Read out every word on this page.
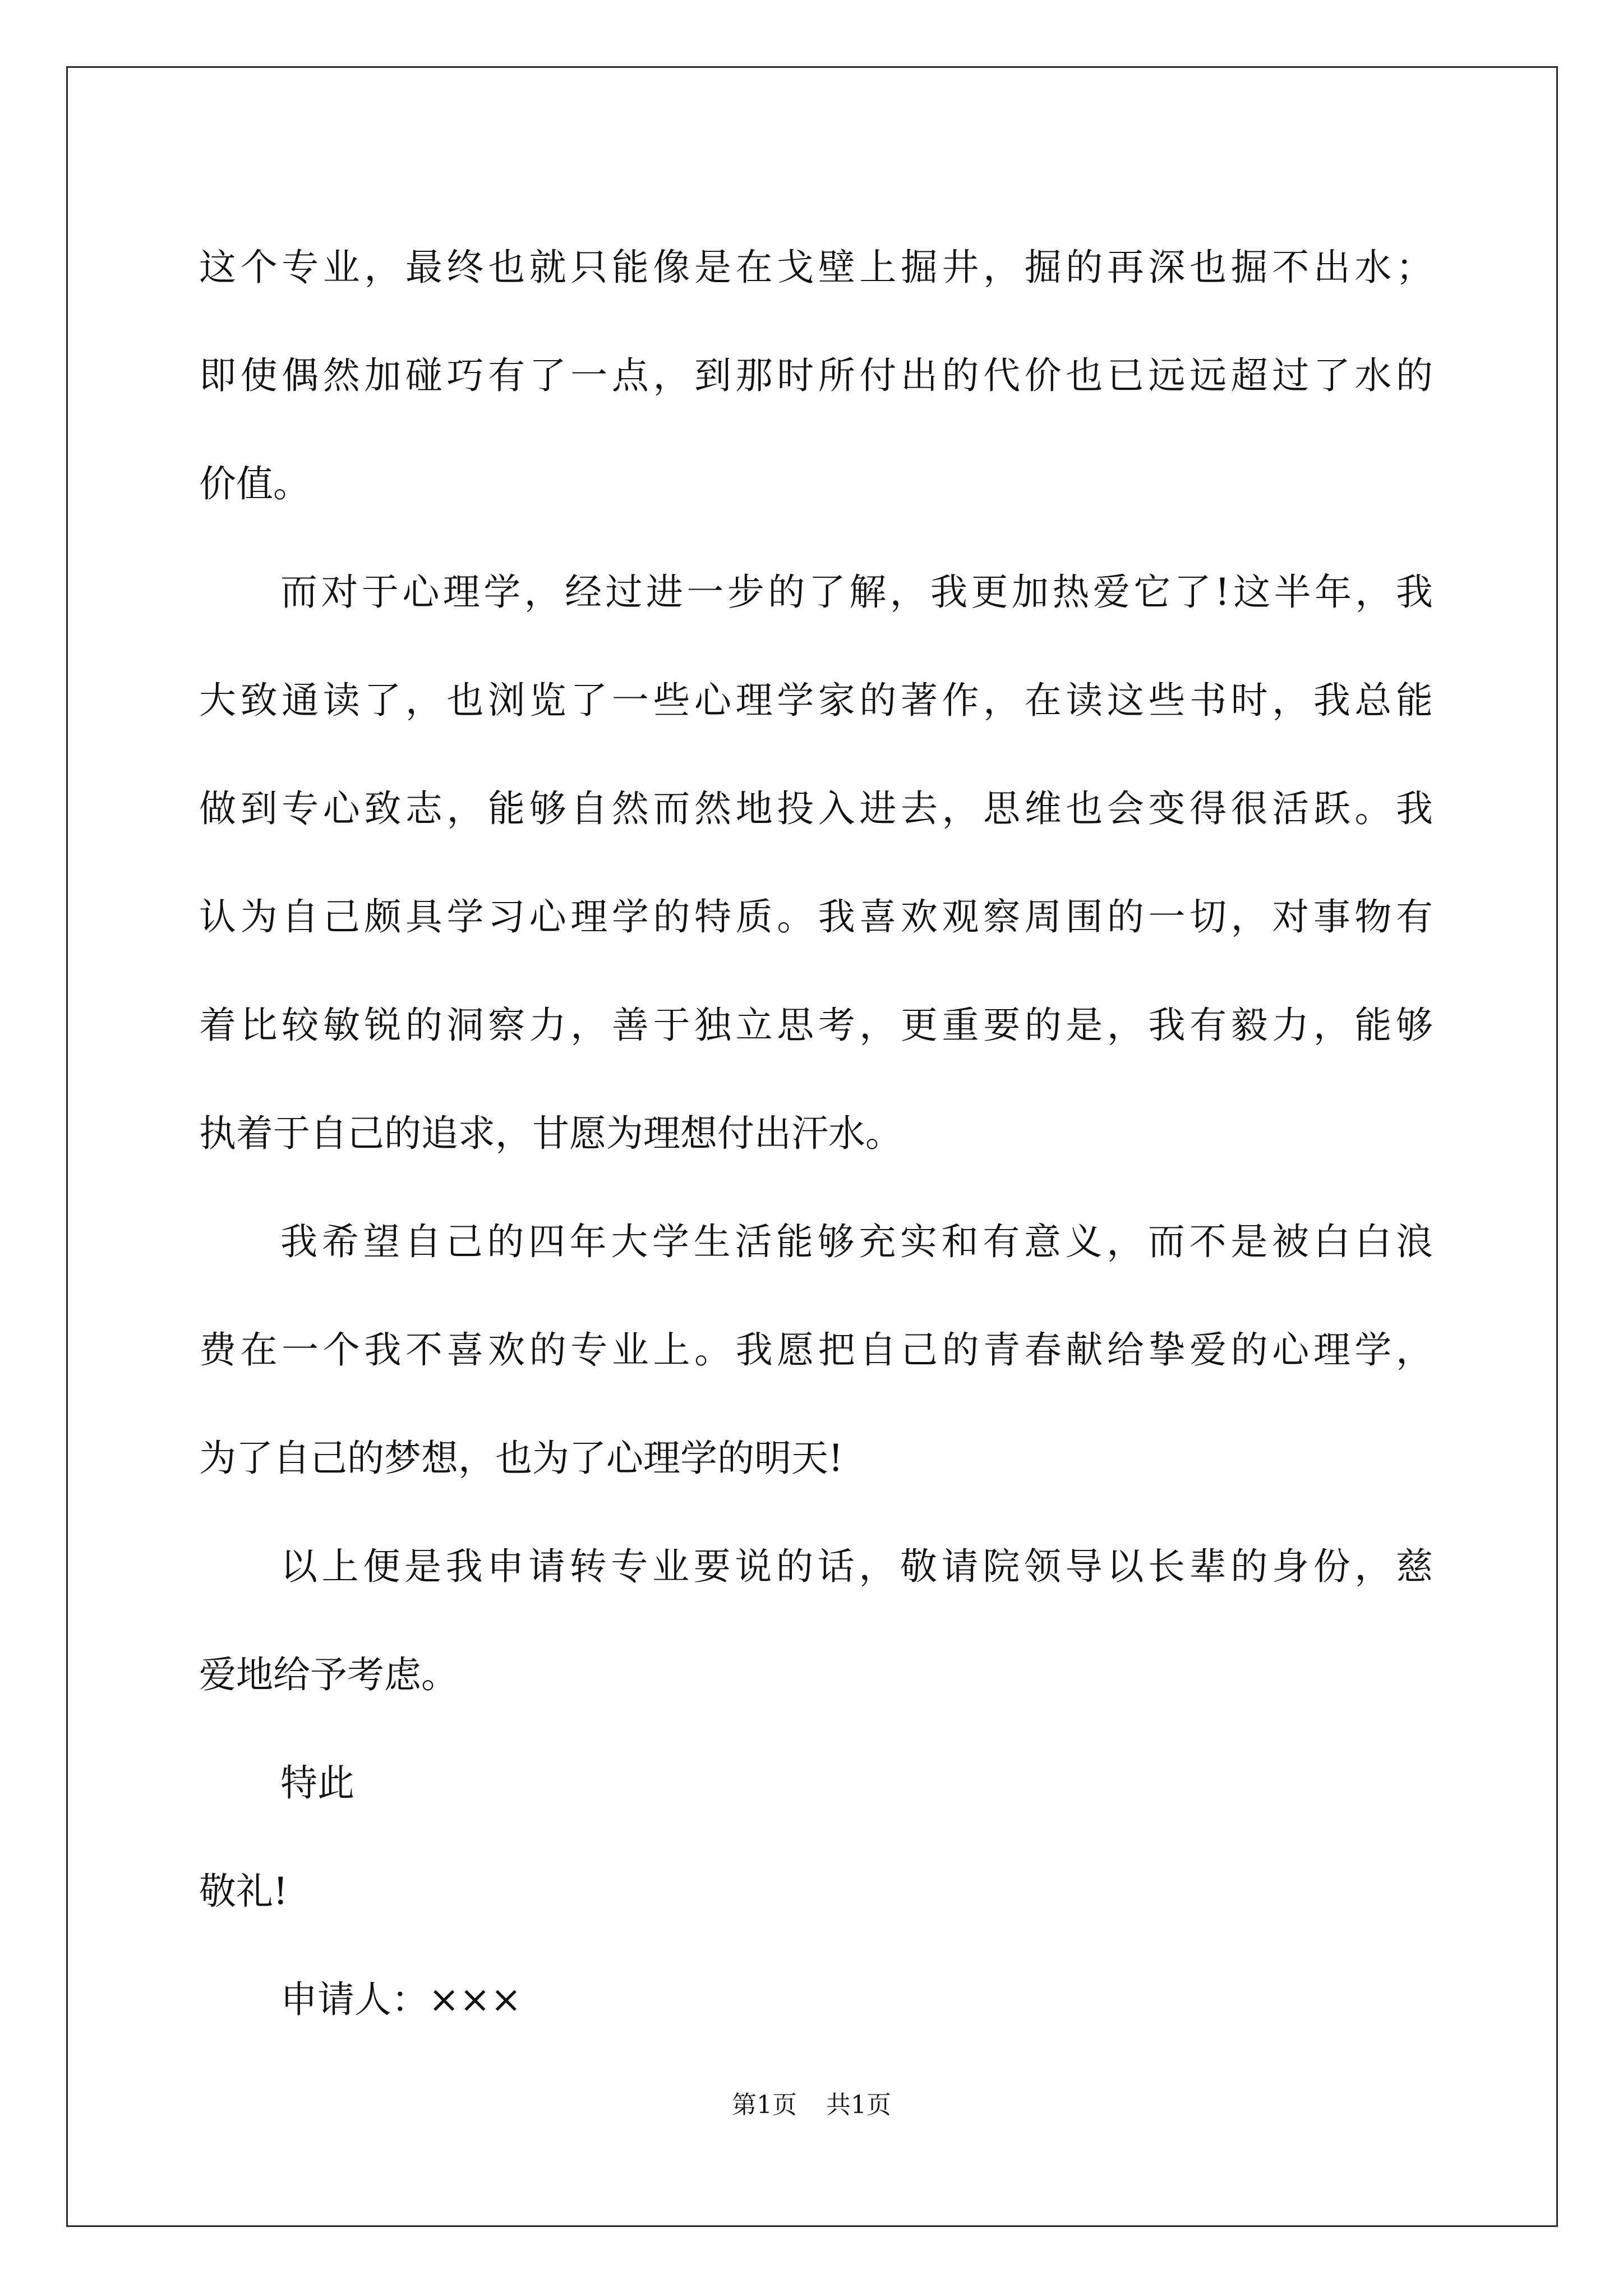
这个专业，最终也就只能像是在戈壁上掘井，掘的再深也掘不出水；

即使偶然加碰巧有了一点，到那时所付出的代价也已远远超过了水的

价值。

而对于心理学，经过进一步的了解，我更加热爱它了!这半年，我

大致通读了，也浏览了一些心理学家的著作，在读这些书时，我总能

做到专心致志，能够自然而然地投入进去，思维也会变得很活跃。我

认为自己颇具学习心理学的特质。我喜欢观察周围的一切，对事物有

着比较敏锐的洞察力，善于独立思考，更重要的是，我有毅力，能够

执着于自己的追求，甘愿为理想付出汗水。

我希望自己的四年大学生活能够充实和有意义，而不是被白白浪

费在一个我不喜欢的专业上。我愿把自己的青春献给挚爱的心理学，

为了自己的梦想，也为了心理学的明天!

以上便是我申请转专业要说的话，敬请院领导以长辈的身份，慈

爱地给予考虑。

特此

敬礼!

申请人：×××

第1页 共1页
